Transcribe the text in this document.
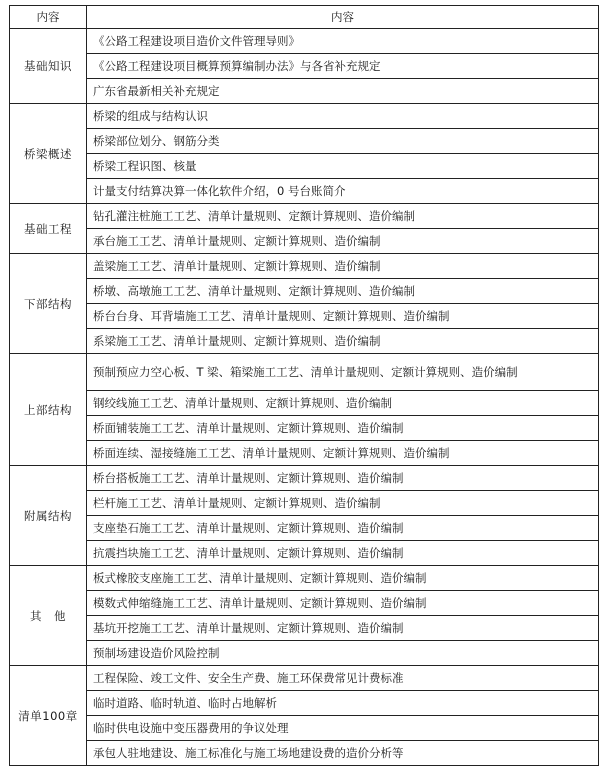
内容	内容
基础知识	《公路工程建设项目造价文件管理导则》
	《公路工程建设项目概算预算编制办法》与各省补充规定
	广东省最新相关补充规定
桥梁概述	桥梁的组成与结构认识
	桥梁部位划分、钢筋分类
	桥梁工程识图、核量
	计量支付结算决算一体化软件介绍，0 号台账简介
基础工程	钻孔灌注桩施工工艺、清单计量规则、定额计算规则、造价编制
	承台施工工艺、清单计量规则、定额计算规则、造价编制
下部结构	盖梁施工工艺、清单计量规则、定额计算规则、造价编制
	桥墩、高墩施工工艺、清单计量规则、定额计算规则、造价编制
	桥台台身、耳背墙施工工艺、清单计量规则、定额计算规则、造价编制
	系梁施工工艺、清单计量规则、定额计算规则、造价编制
上部结构	预制预应力空心板、T 梁、箱梁施工工艺、清单计量规则、定额计算规则、造价编制
	钢绞线施工工艺、清单计量规则、定额计算规则、造价编制
	桥面铺装施工工艺、清单计量规则、定额计算规则、造价编制
	桥面连续、湿接缝施工工艺、清单计量规则、定额计算规则、造价编制
附属结构	桥台搭板施工工艺、清单计量规则、定额计算规则、造价编制
	栏杆施工工艺、清单计量规则、定额计算规则、造价编制
	支座垫石施工工艺、清单计量规则、定额计算规则、造价编制
	抗震挡块施工工艺、清单计量规则、定额计算规则、造价编制
其　他	板式橡胶支座施工工艺、清单计量规则、定额计算规则、造价编制
	模数式伸缩缝施工工艺、清单计量规则、定额计算规则、造价编制
	基坑开挖施工工艺、清单计量规则、定额计算规则、造价编制
	预制场建设造价风险控制
清单100章	工程保险、竣工文件、安全生产费、施工环保费常见计费标准
	临时道路、临时轨道、临时占地解析
	临时供电设施中变压器费用的争议处理
	承包人驻地建设、施工标准化与施工场地建设费的造价分析等
